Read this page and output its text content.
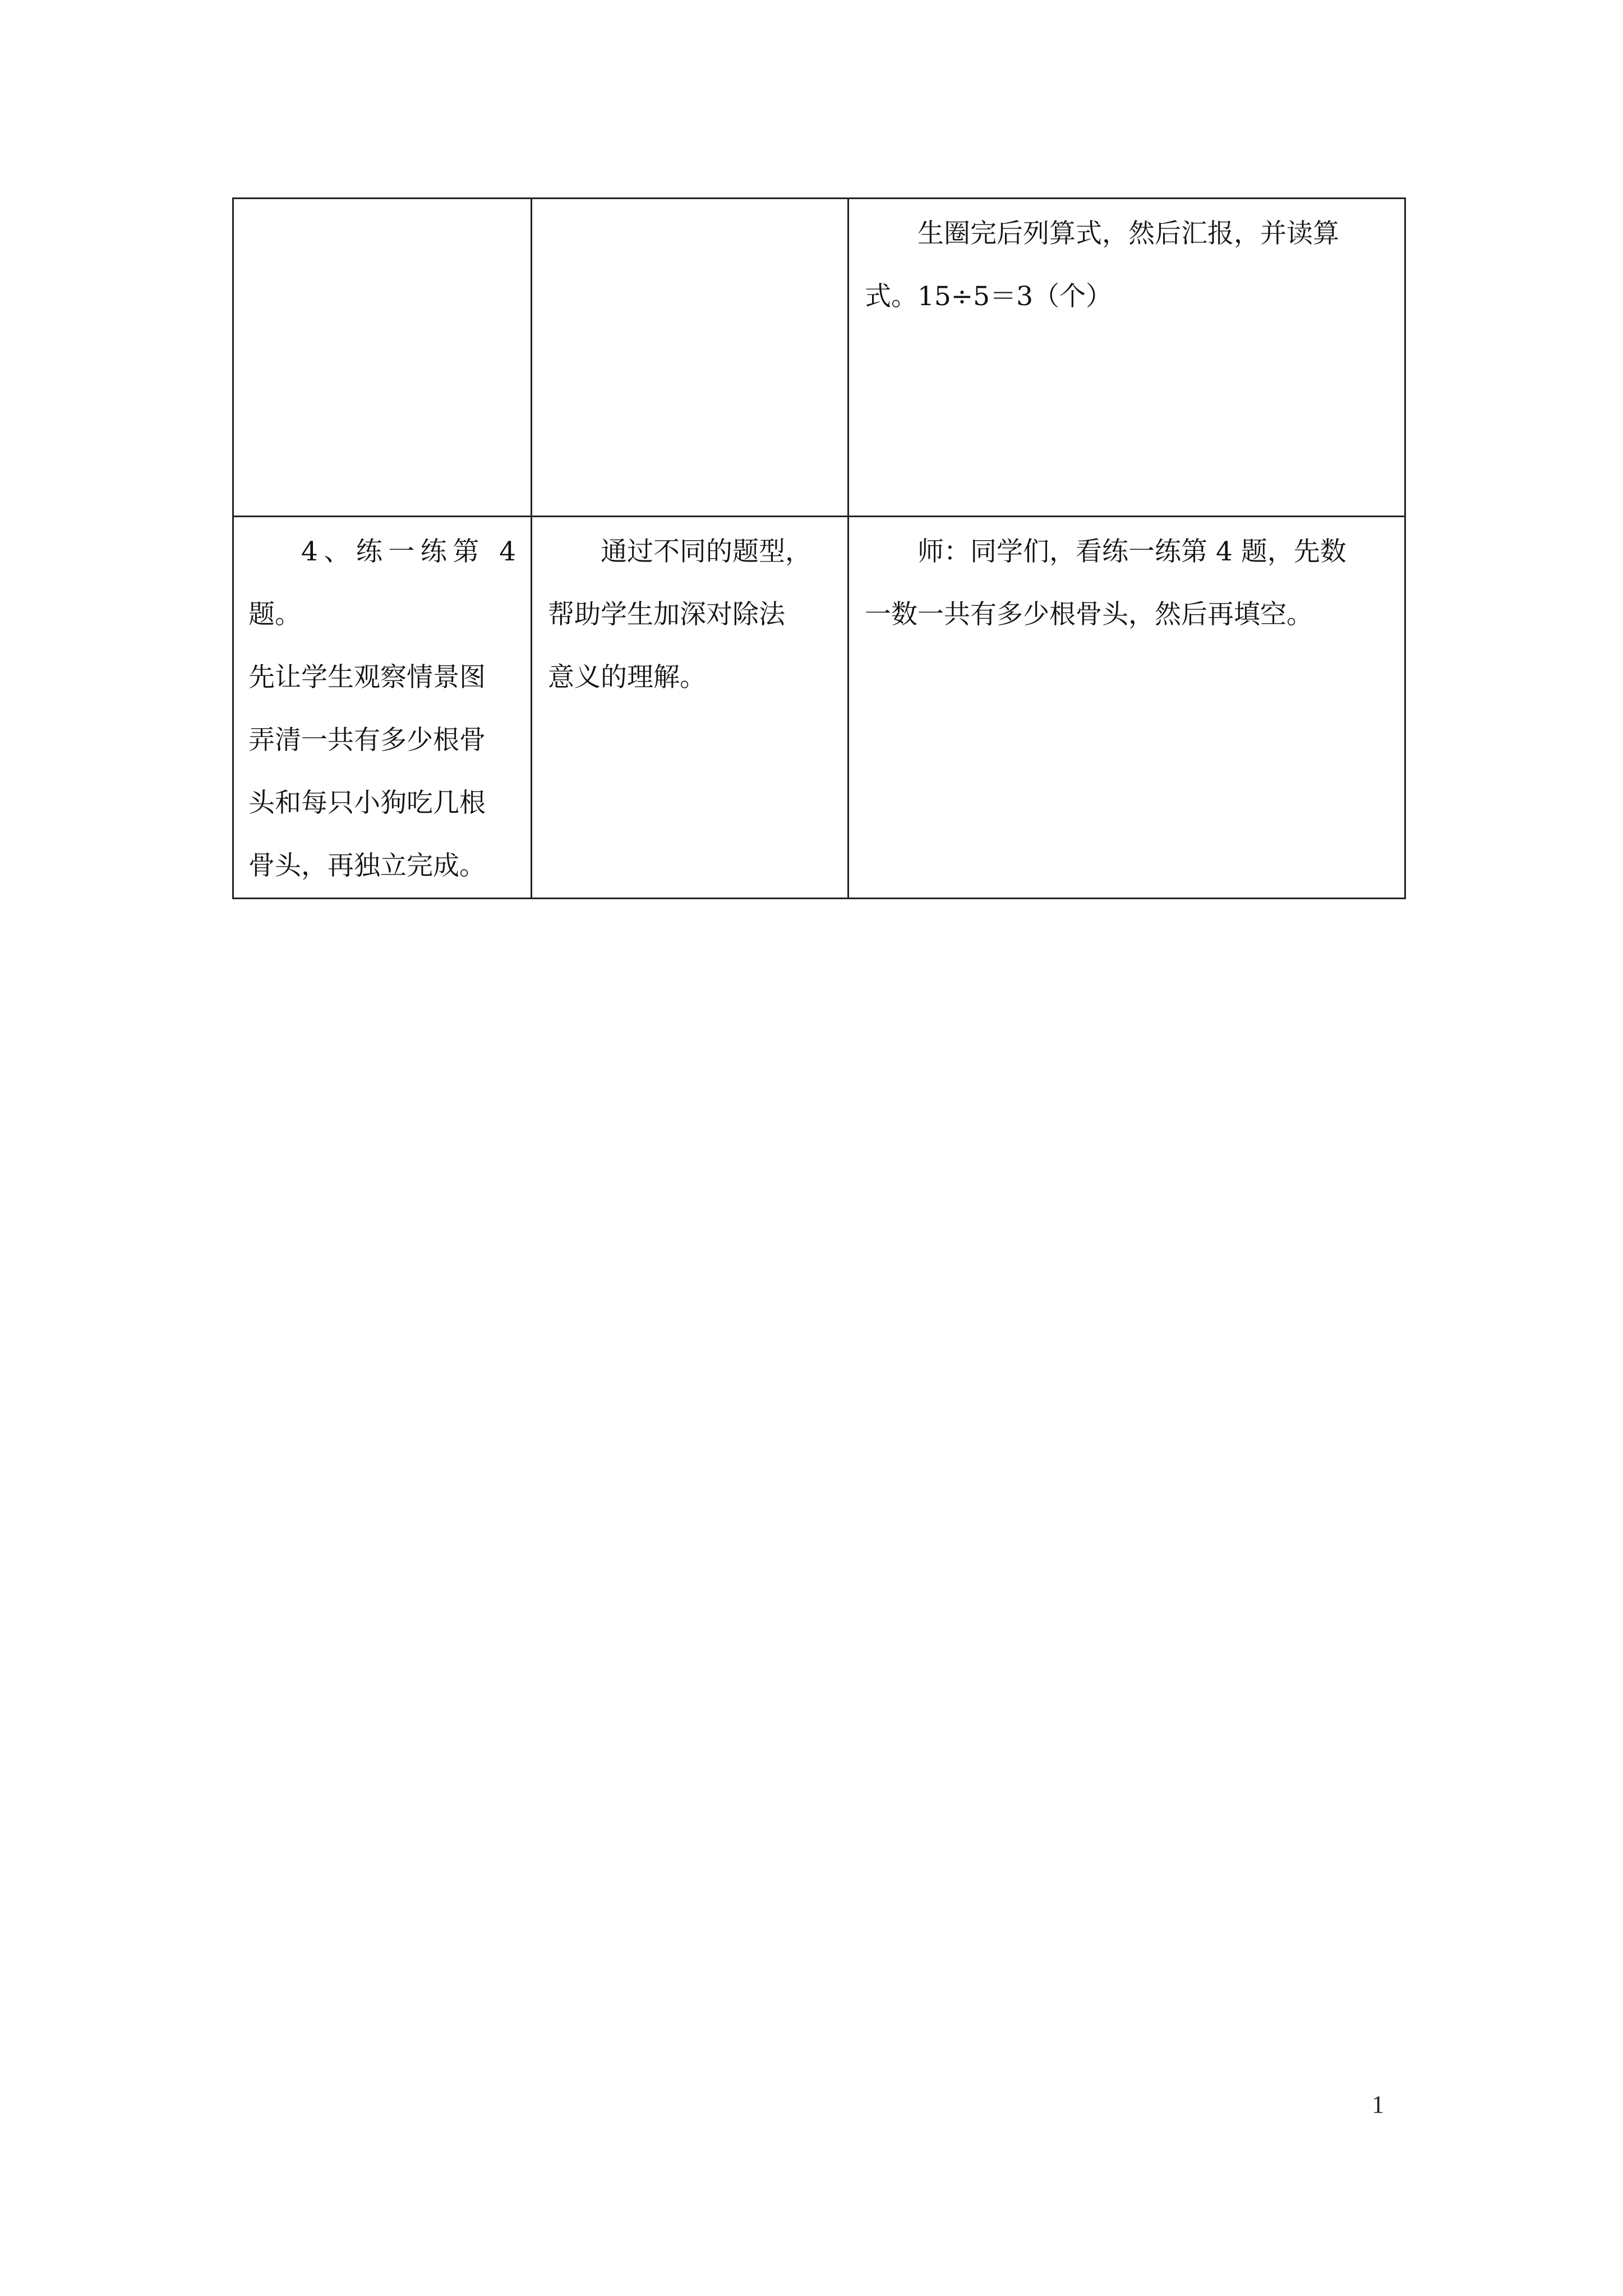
		生圈完后列算式，然后汇报，并读算
式。15÷5＝3（个）

4、练一练第 4 题。
先让学生观察情景图
弄清一共有多少根骨
头和每只小狗吃几根
骨头，再独立完成。	通过不同的题型，
帮助学生加深对除法
意义的理解。	师：同学们，看练一练第 4 题，先数
一数一共有多少根骨头，然后再填空。

1
